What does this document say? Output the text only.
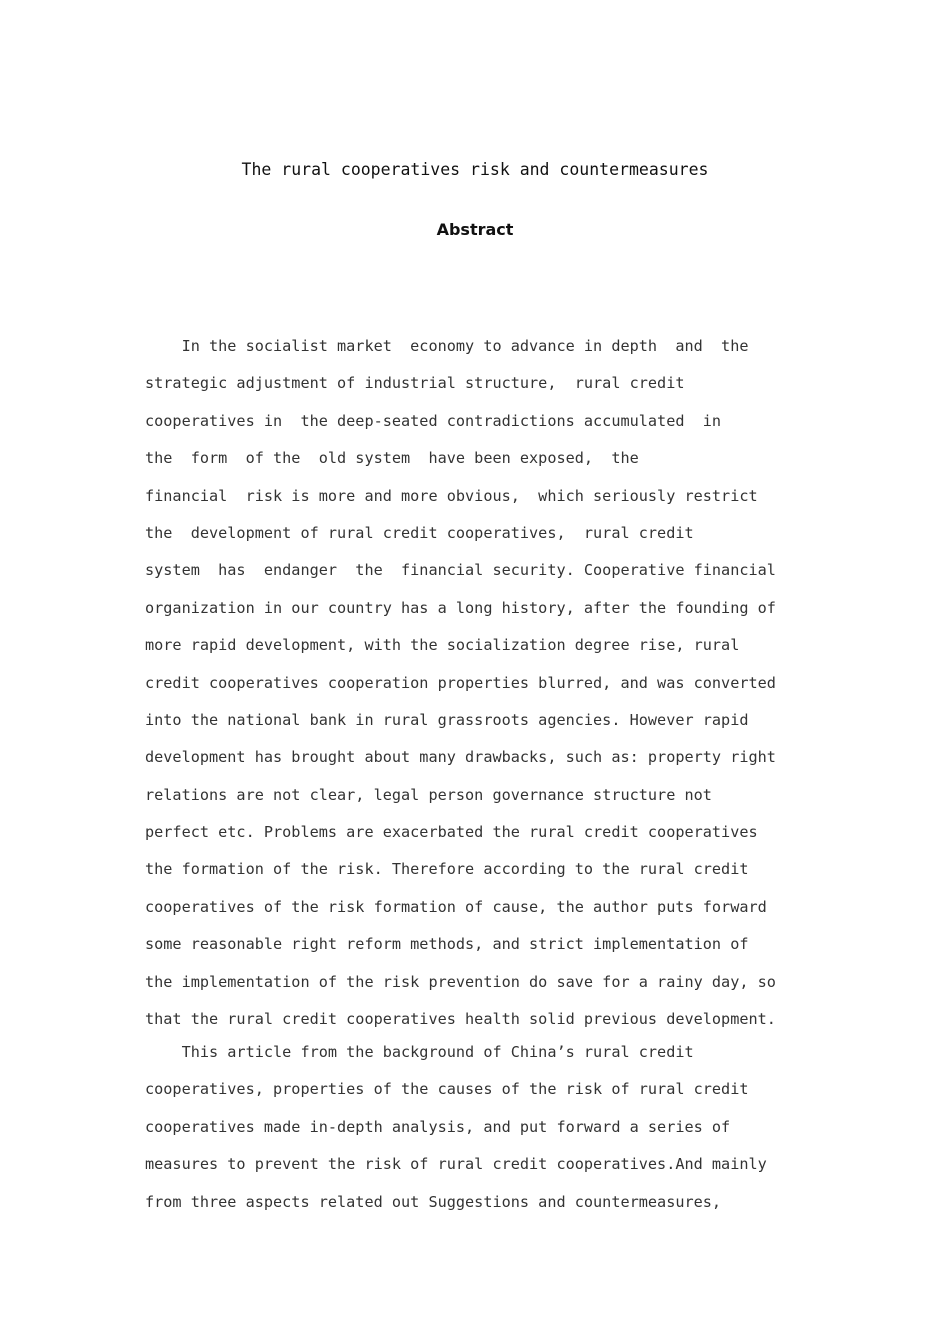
The rural cooperatives risk and countermeasures
Abstract
In the socialist market  economy to advance in depth  and  the
strategic adjustment of industrial structure,  rural credit
cooperatives in  the deep-seated contradictions accumulated  in
the  form  of the  old system  have been exposed,  the
financial  risk is more and more obvious,  which seriously restrict
the  development of rural credit cooperatives,  rural credit
system  has  endanger  the  financial security. Cooperative financial
organization in our country has a long history, after the founding of
more rapid development, with the socialization degree rise, rural
credit cooperatives cooperation properties blurred, and was converted
into the national bank in rural grassroots agencies. However rapid
development has brought about many drawbacks, such as: property right
relations are not clear, legal person governance structure not
perfect etc. Problems are exacerbated the rural credit cooperatives
the formation of the risk. Therefore according to the rural credit
cooperatives of the risk formation of cause, the author puts forward
some reasonable right reform methods, and strict implementation of
the implementation of the risk prevention do save for a rainy day, so
that the rural credit cooperatives health solid previous development.
This article from the background of China’s rural credit
cooperatives, properties of the causes of the risk of rural credit
cooperatives made in-depth analysis, and put forward a series of
measures to prevent the risk of rural credit cooperatives.And mainly
from three aspects related out Suggestions and countermeasures,
